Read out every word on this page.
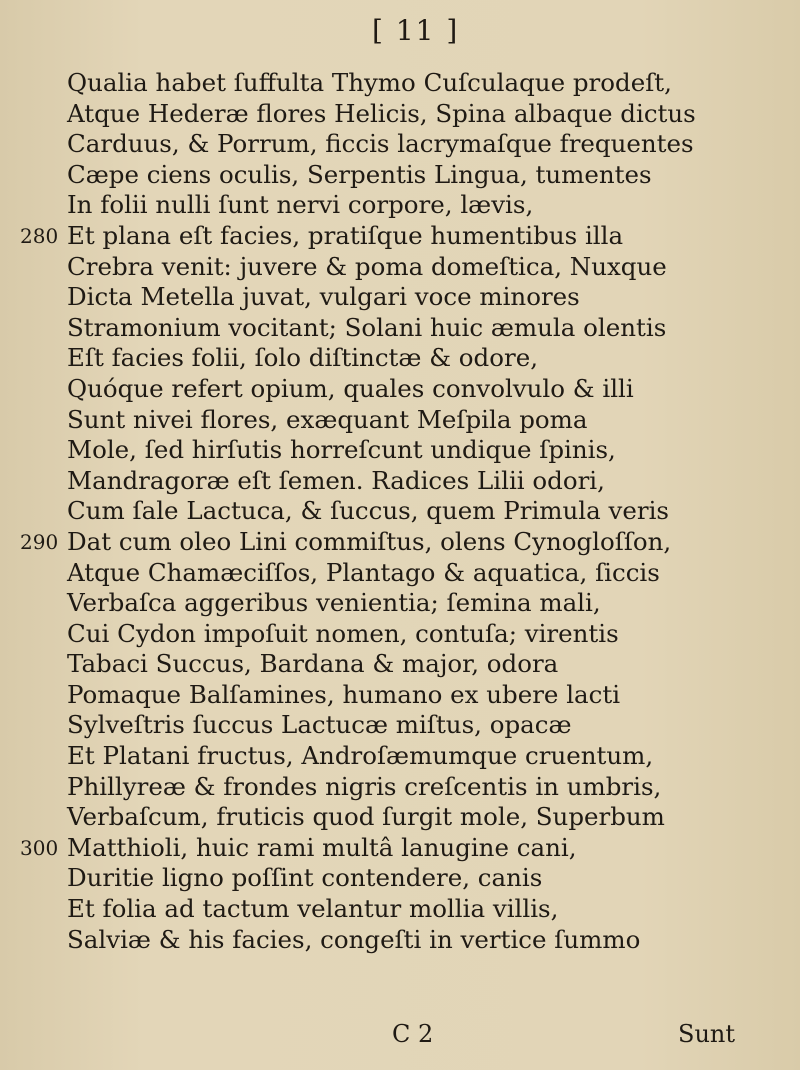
[ 11 ]
Qualia habet ſuffulta Thymo Cuſculaque prodeſt,
Atque Hederæ flores Helicis, Spina albaque dictus
Carduus, & Porrum, ficcis lacrymaſque frequentes
Cæpe ciens oculis, Serpentis Lingua, tumentes
In folii nulli ſunt nervi corpore, lævis,
280 Et plana eſt facies, pratiſque humentibus illa
Crebra venit: juvere & poma domeſtica, Nuxque
Dicta Metella juvat, vulgari voce minores
Stramonium vocitant; Solani huic æmula olentis
Eſt facies folii, ſolo diſtinctæ & odore,
Quóque refert opium, quales convolvulo & illi
Sunt nivei flores, exæquant Meſpila poma
Mole, ſed hirſutis horreſcunt undique ſpinis,
Mandragoræ eſt ſemen. Radices Lilii odori,
Cum ſale Lactuca, & ſuccus, quem Primula veris
290 Dat cum oleo Lini commiſtus, olens Cynogloſſon,
Atque Chamæciſſos, Plantago & aquatica, ſiccis
Verbaſca aggeribus venientia; ſemina mali,
Cui Cydon impoſuit nomen, contuſa; virentis
Tabaci Succus, Bardana & major, odora
Pomaque Balſamines, humano ex ubere lacti
Sylveſtris ſuccus Lactucæ miſtus, opacæ
Et Platani fructus, Androſæmumque cruentum,
Phillyreæ & frondes nigris creſcentis in umbris,
Verbaſcum, fruticis quod ſurgit mole, Superbum
300 Matthioli, huic rami multâ lanugine cani,
Duritie ligno poſſint contendere, canis
Et folia ad tactum velantur mollia villis,
Salviæ & his facies, congeſti in vertice ſummo
C 2	Sunt
